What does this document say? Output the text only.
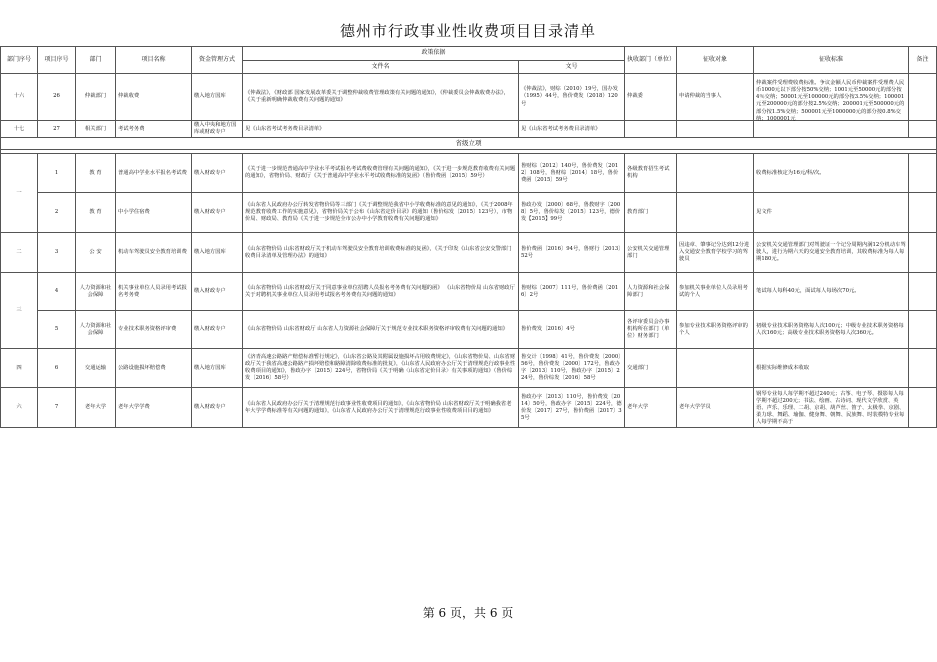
德州市行政事业性收费项目目录清单
部门序号	项目序号	部门	项目名称	资金管理方式	政策依据		执收部门（单位）	征收对象	征收标准	备注
					文件名	文号				
十六	26	仲裁部门	仲裁收费	缴入地方国库	《仲裁法》，《财政部 国家发展改革委关于调整仲裁收费管理政策有关问题的通知》，《仲裁委员会仲裁收费办法》，《关于重新明确仲裁收费有关问题的通知》	《仲裁法》，财综（2010）19号，国办发（1995）44号，鲁价费发（2018）120号	仲裁委	申请仲裁的当事人	仲裁案件受理费收费标准。争议金额人民币仲裁案件受理费人民币1000元以下部分按50%交纳；1001元至50000元的部分按4％交纳；50001元至100000元的部分按3.5%交纳；100001元至200000元的部分按2.5%交纳；200001元至500000元的部分按1.5%交纳；500001元至1000000元的部分按0.8%交纳；1000001元	

十七	27	相关部门	考试考务费	缴入中央和地方国库或财政专户	见《山东省考试考务费目录清单》	见《山东省考试考务费目录清单》				
省级立项										

一	1	教 育	普通高中学业水平报名考试费	缴入财政专户	《关于进一步规范普通高中学业水平考试报名考试费收费管理有关问题的通知》，《关于进一步规范教育收费有关问题的通知》，省物价局、财政厅《关于普通高中学业水平考试收费标准的复函》（鲁价费函〔2015〕59号）	鲁财综〔2012〕140号，鲁价费发〔2012〕108号，鲁财综〔2014〕18号，鲁价费函〔2015〕59号	各级教育招生考试机构		收费标准核定为16元/科/次。	
	2	教 育	中小学住宿费	缴入财政专户	《山东省人民政府办公厅转发省物价局等三部门《关于调整规范我省中小学收费标准的意见的通知》，《关于2008年规范教育收费工作的实施意见》，省物价局关于公布《山东省定价目录》的通知（鲁价综发〔2015〕123号），市物价局、财政局、教育局《关于进一步规范全市公办中小学教育收费有关问题的通知》	鲁政办发〔2000〕68号，鲁教财字〔2008〕5号，鲁价综发〔2015〕123号，德价发【2015】99号	教育部门		见文件	
二	3	公 安	机动车驾驶员安全教育培训费	缴入地方国库	《山东省物价局 山东省财政厅关于机动车驾驶员安全教育培训收费标准的复函》，《关于印发《山东省公安交警部门收费目录清单及管理办法》的通知》	鲁价费函〔2016〕94号，鲁财行〔2013〕52号	公安机关交通管理部门	因违章、肇事记分达到12分进入交通安全教育学校学习的驾驶员	公安机关交通管理部门对驾驶证一个记分周期内满12分机动车驾驶人，进行为期六天的交通安全教育培训，其收费标准为每人每期180元。	
三	4	人力资源和社会保障	机关事业单位人员录用考试报名考务费	缴入财政专户	《山东省物价局 山东省财政厅关于同意事业单位招聘人员报名考务费有关问题的函》 《山东省物价局 山东省财政厅关于对聘机关事业单位人员录用考试报名考务费有关问题的通知》	鲁财综〔2007〕111号，鲁价费函〔2016〕2号	人力资源和社会保障部门	参加机关事业单位人员录用考试的个人	笔试每人每科40元，面试每人每场次70元。	
	5	人力资源和社会保障	专业技术职务资格评审费	缴入财政专户	《山东省物价局 山东省财政厅 山东省人力资源社会保障厅关于规范专业技术职务资格评审收费有关问题的通知》	鲁价费发〔2016〕4号	各评审委员会办事机构所在部门（单位）财务部门	参加专业技术职务资格评审的个人	初级专业技术职务资格每人次100元；中级专业技术职务资格每人次160元；高级专业技术职务资格每人次360元。	
四	6	交通运输	公路设施损坏赔偿费	缴入地方国库	《济青高速公路路产赔偿标准暂行规定》，《山东省公路及其附属设施损坏占用收费规定》，《山东省物价局、山东省财政厅关于我省高速公路路产损坏赔偿和路障清除收费标准的批复》，《山东省人民政府办公厅关于清理规范行政事业性收费项目的通知》，鲁政办字〔2015〕224号，省物价局《关于明确〈山东省定价目录〉有关事项的通知》（鲁价综发〔2016〕58号）	鲁交计〔1998〕41号，鲁价费发〔2000〕56号，鲁价费发〔2000〕172号，鲁政办字〔2013〕110号，鲁政办字〔2015〕224号，鲁价综发〔2016〕58号	交通部门		根据实际维修成本收取	
六	7	老年大学	老年大学学费	缴入财政专户	《山东省人民政府办公厅关于清理规范行政事业性收费项目的通知》，《山东省物价局 山东省财政厅关于明确我省老年大学学费标准等有关问题的通知》，《山东省人民政府办公厅关于清理规范行政事业性收费项目目的通知》	鲁政办字〔2013〕110号，鲁价费发〔2014〕50号，鲁政办字〔2015〕224号，德价发〔2017〕27号，鲁价费函〔2017〕35号	老年大学	老年大学学员	钢琴专业每人每学期不超过240元；古筝、电子琴、摄影每人每学期不超过200元；书法、绘画、古诗词、现代文学欣赏、英语、声乐、乐理、二胡、京胡、葫芦丝、笛子、太极拳、京剧、柔力球、舞蹈、瑜伽、健身舞、朝舞、民族舞、时装模特专业每人每学期不高于	

第 6 页，共 6 页
